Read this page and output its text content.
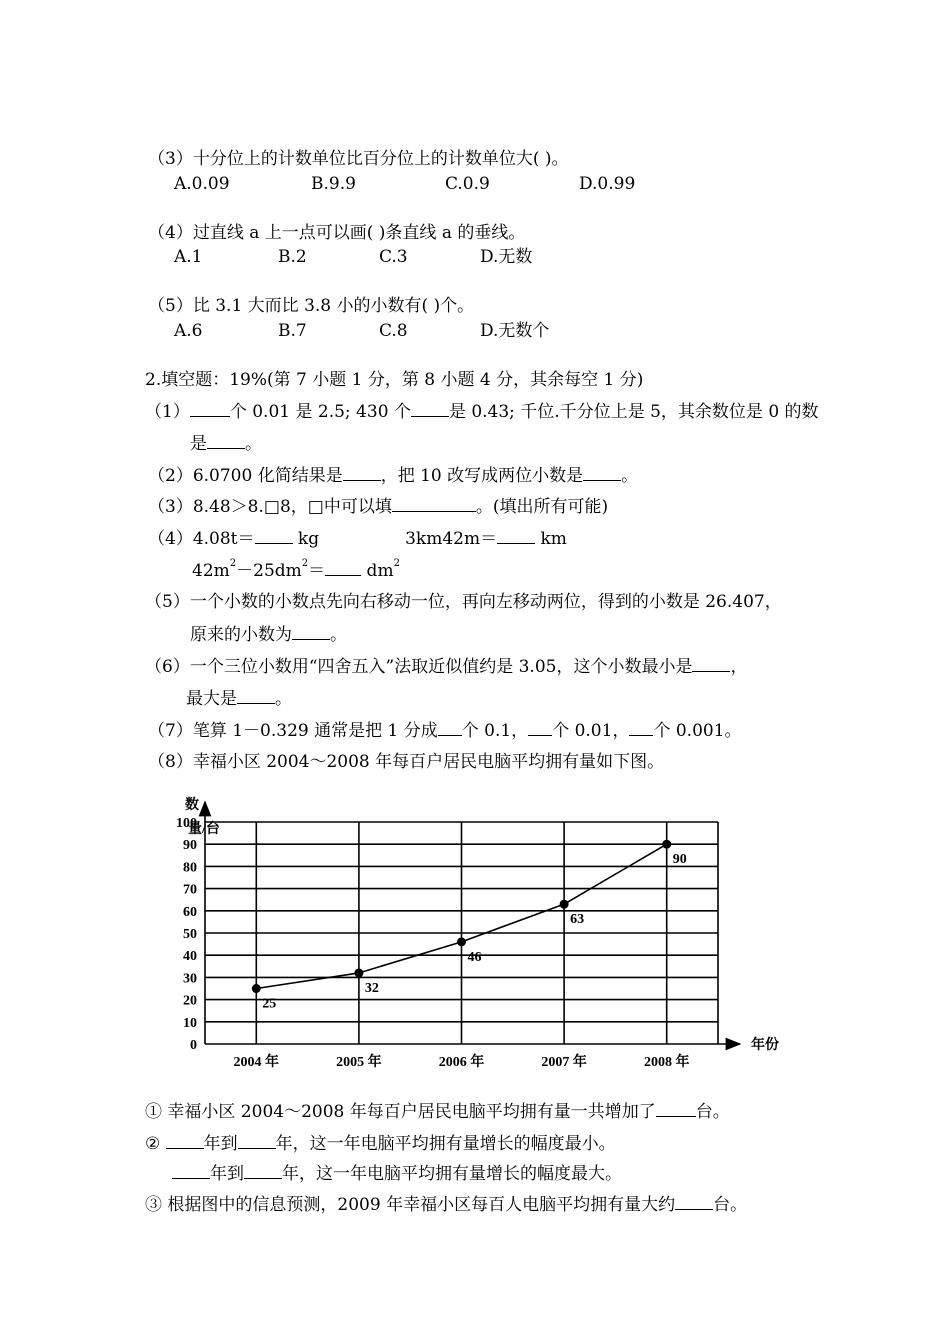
（3）十分位上的计数单位比百分位上的计数单位大( )。
A.0.09	B.9.9	C.0.9	D.0.99
（4）过直线 a 上一点可以画( )条直线 a 的垂线。
A.1	B.2	C.3	D.无数
（5）比 3.1 大而比 3.8 小的小数有( )个。
A.6	B.7	C.8	D.无数个
2.填空题：19%(第 7 小题 1 分，第 8 小题 4 分，其余每空 1 分)
（1） 个 0.01 是 2.5; 430 个 是 0.43; 千位.千分位上是 5，其余数位是 0 的数
是 。
（2）6.0700 化简结果是 ，把 10 改写成两位小数是 。
（3）8.48＞8.□8，□中可以填	。(填出所有可能)
（4）4.08t＝ kg	3km42m＝ km
$42m^2-25dm^2= dm^2$
（5）一个小数的小数点先向右移动一位，再向左移动两位，得到的小数是 26.407，
原来的小数为 。
（6）一个三位小数用“四舍五入”法取近似值约是 3.05，这个小数最小是 ，
最大是 。
（7）笔算 1－0.329 通常是把 1 分成 个 0.1， 个 0.01， 个 0.001。
（8）幸福小区 2004～2008 年每百户居民电脑平均拥有量如下图。
0
10
20
30
40
50
60
70
80
90
100
数
量/台
2004 年	2005 年	2006 年	2007 年	2008 年
年份
25
32
46
63
90
① 幸福小区 2004～2008 年每百户居民电脑平均拥有量一共增加了 台。
② 年到 年，这一年电脑平均拥有量增长的幅度最小。
年到 年，这一年电脑平均拥有量增长的幅度最大。
③ 根据图中的信息预测，2009 年幸福小区每百人电脑平均拥有量大约 台。
